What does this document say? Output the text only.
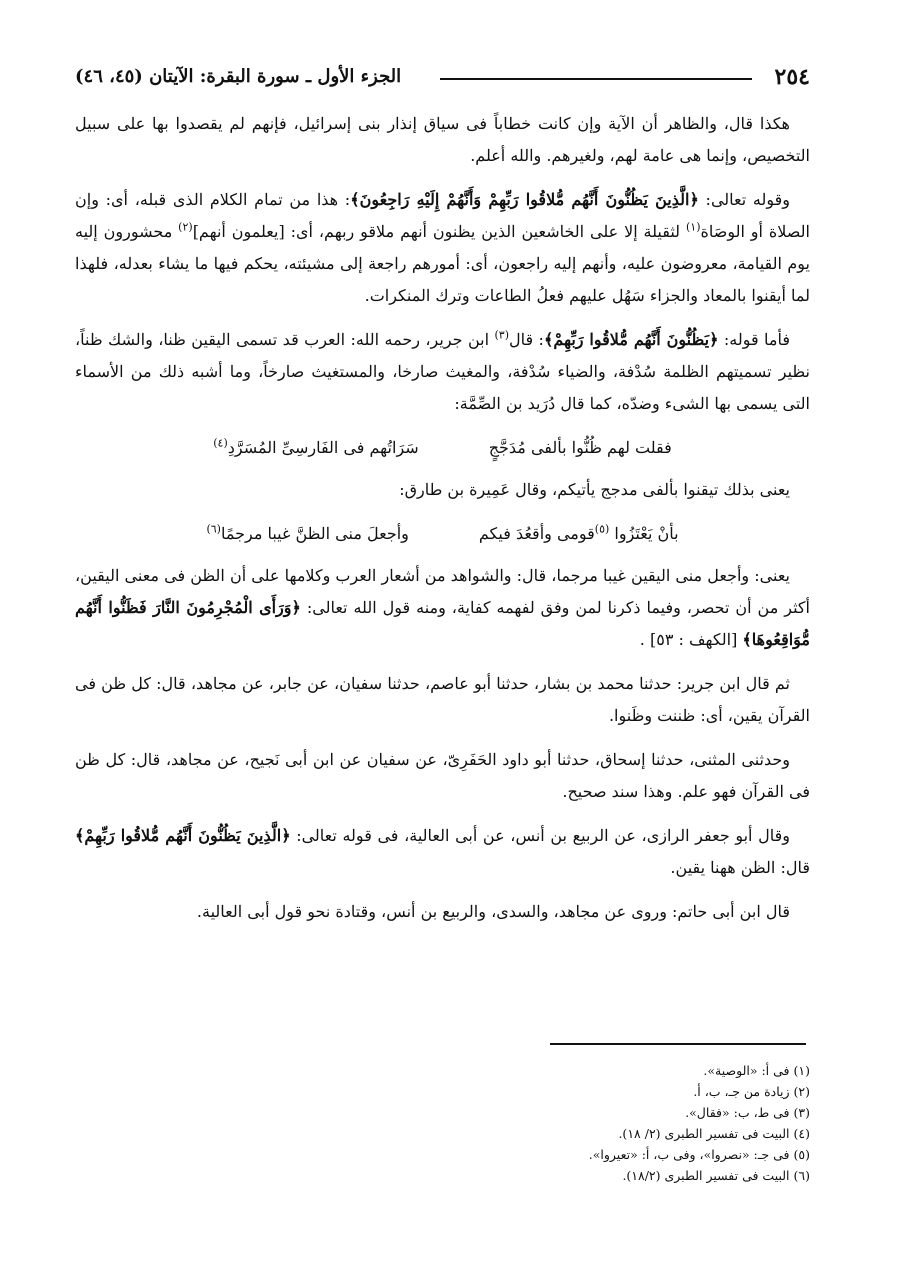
٢٥٤
الجزء الأول ـ سورة البقرة: الآيتان (٤٥، ٤٦)

هكذا قال، والظاهر أن الآية وإن كانت خطاباً فى سياق إنذار بنى إسرائيل، فإنهم لم يقصدوا بها على سبيل التخصيص، وإنما هى عامة لهم، ولغيرهم. والله أعلم.

وقوله تعالى: ﴿الَّذِينَ يَظُنُّونَ أَنَّهُم مُّلاقُوا رَبِّهِمْ وَأَنَّهُمْ إِلَيْهِ رَاجِعُونَ﴾: هذا من تمام الكلام الذى قبله، أى: وإن الصلاة أو الوصَاة$^{(١)}$ لثقيلة إلا على الخاشعين الذين يظنون أنهم ملاقو ربهم، أى: [يعلمون أنهم]$^{(٢)}$ محشورون إليه يوم القيامة، معروضون عليه، وأنهم إليه راجعون، أى: أمورهم راجعة إلى مشيئته، يحكم فيها ما يشاء بعدله، فلهذا لما أيقنوا بالمعاد والجزاء سَهُل عليهم فعلُ الطاعات وترك المنكرات.

فأما قوله: ﴿يَظُنُّونَ أَنَّهُم مُّلاقُوا رَبِّهِمْ﴾: قال$^{(٣)}$ ابن جرير، رحمه الله: العرب قد تسمى اليقين ظنا، والشك ظناً، نظير تسميتهم الظلمة سُدْفة، والضياء سُدْفة، والمغيث صارخا، والمستغيث صارخاً، وما أشبه ذلك من الأسماء التى يسمى بها الشىء وضدّه، كما قال دُرَيد بن الصِّمَّة:

فقلت لهم ظُنُّوا بألفى مُدَجَّجٍ
سَرَاتُهم فى الفَارسِىِّ المُسَرَّدِ$^{(٤)}$

يعنى بذلك تيقنوا بألفى مدجج يأتيكم، وقال عَمِيرة بن طارق:

بأنْ يَعْتَزُوا $^{(٥)}$قومى وأقعُدَ فيكم
وأجعلَ منى الظنَّ غيبا مرجمًا$^{(٦)}$

يعنى: وأجعل منى اليقين غيبا مرجما، قال: والشواهد من أشعار العرب وكلامها على أن الظن فى معنى اليقين، أكثر من أن تحصر، وفيما ذكرنا لمن وفق لفهمه كفاية، ومنه قول الله تعالى: ﴿وَرَأَى الْمُجْرِمُونَ النَّارَ فَظَنُّوا أَنَّهُم مُّوَاقِعُوهَا﴾ [الكهف : ٥٣] .

ثم قال ابن جرير: حدثنا محمد بن بشار، حدثنا أبو عاصم، حدثنا سفيان، عن جابر، عن مجاهد، قال: كل ظن فى القرآن يقين، أى: ظننت وظَنوا.

وحدثنى المثنى، حدثنا إسحاق، حدثنا أبو داود الحَفَرِىّ، عن سفيان عن ابن أبى نَجيح، عن مجاهد، قال: كل ظن فى القرآن فهو علم. وهذا سند صحيح.

وقال أبو جعفر الرازى، عن الربيع بن أنس، عن أبى العالية، فى قوله تعالى: ﴿الَّذِينَ يَظُنُّونَ أَنَّهُم مُّلاقُوا رَبِّهِمْ﴾ قال: الظن ههنا يقين.

قال ابن أبى حاتم: وروى عن مجاهد، والسدى، والربيع بن أنس، وقتادة نحو قول أبى العالية.

(١) فى أ: «الوصية».
(٢) زيادة من جـ، ب، أ.
(٣) فى ط، ب: «فقال».
(٤) البيت فى تفسير الطبرى (٢/ ١٨).
(٥) فى جـ: «نصروا»، وفى ب، أ: «تعيروا».
(٦) البيت فى تفسير الطبرى (١٨/٢).
